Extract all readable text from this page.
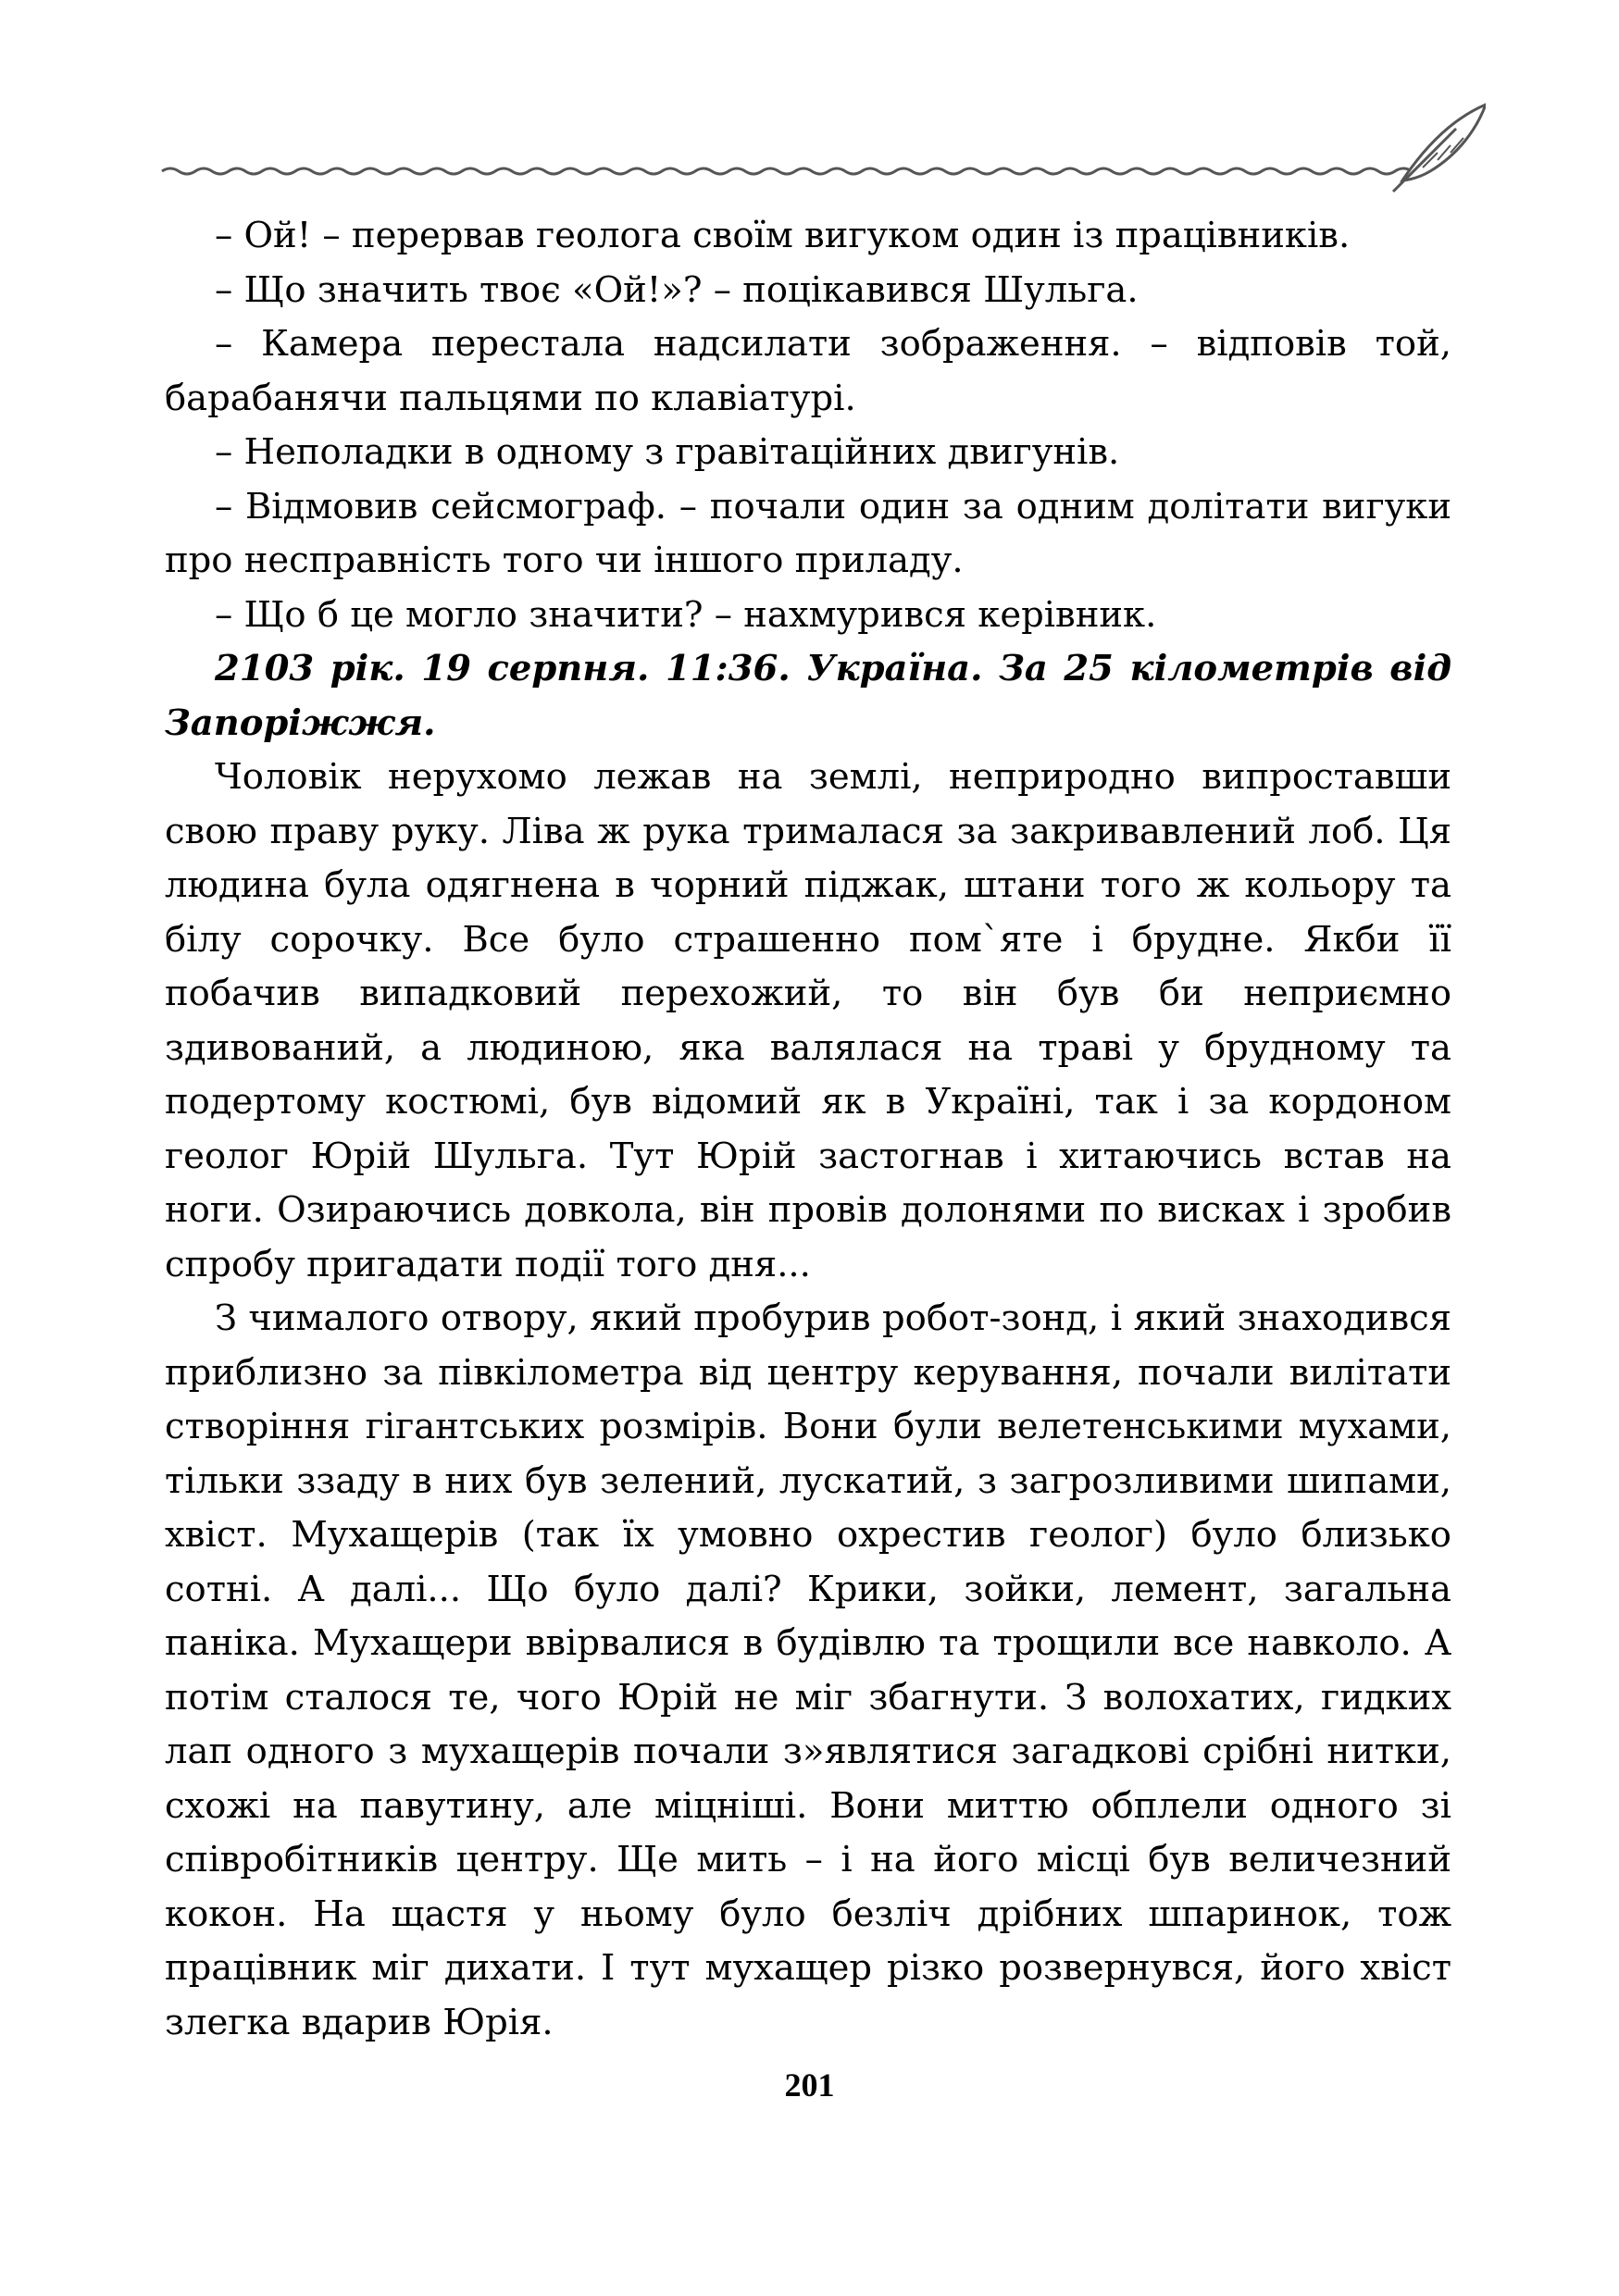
– Ой! – перервав геолога своїм вигуком один із працівників.

– Що значить твоє «Ой!»? – поцікавився Шульга.

– Камера перестала надсилати зображення. – відповів той, барабанячи пальцями по клавіатурі.

– Неполадки в одному з гравітаційних двигунів.

– Відмовив сейсмограф. – почали один за одним долітати вигуки про несправність того чи іншого приладу.

– Що б це могло значити? – нахмурився керівник.

2103 рік. 19 серпня. 11:36. Україна. За 25 кілометрів від Запоріжжя.

Чоловік нерухомо лежав на землі, неприродно випроставши свою праву руку. Ліва ж рука трималася за закривавлений лоб. Ця людина була одягнена в чорний піджак, штани того ж кольору та білу сорочку. Все було страшенно пом`яте і брудне. Якби її побачив випадковий перехожий, то він був би неприємно здивований, а людиною, яка валялася на траві у брудному та подертому костюмі, був відомий як в Україні, так і за кордоном геолог Юрій Шульга. Тут Юрій застогнав і хитаючись встав на ноги. Озираючись довкола, він провів долонями по висках і зробив спробу пригадати події того дня...

З чималого отвору, який пробурив робот-зонд, і який знаходився приблизно за півкілометра від центру керування, почали вилітати створіння гігантських розмірів. Вони були велетенськими мухами, тільки ззаду в них був зелений, лускатий, з загрозливими шипами, хвіст. Мухащерів (так їх умовно охрестив геолог) було близько сотні. А далі... Що було далі? Крики, зойки, лемент, загальна паніка. Мухащери ввірвалися в будівлю та трощили все навколо. А потім сталося те, чого Юрій не міг збагнути. З волохатих, гидких лап одного з мухащерів почали з»являтися загадкові срібні нитки, схожі на павутину, але міцніші. Вони миттю обплели одного зі співробітників центру. Ще мить – і на його місці був величезний кокон. На щастя у ньому було безліч дрібних шпаринок, тож працівник міг дихати. І тут мухащер різко розвернувся, його хвіст злегка вдарив Юрія.

201
